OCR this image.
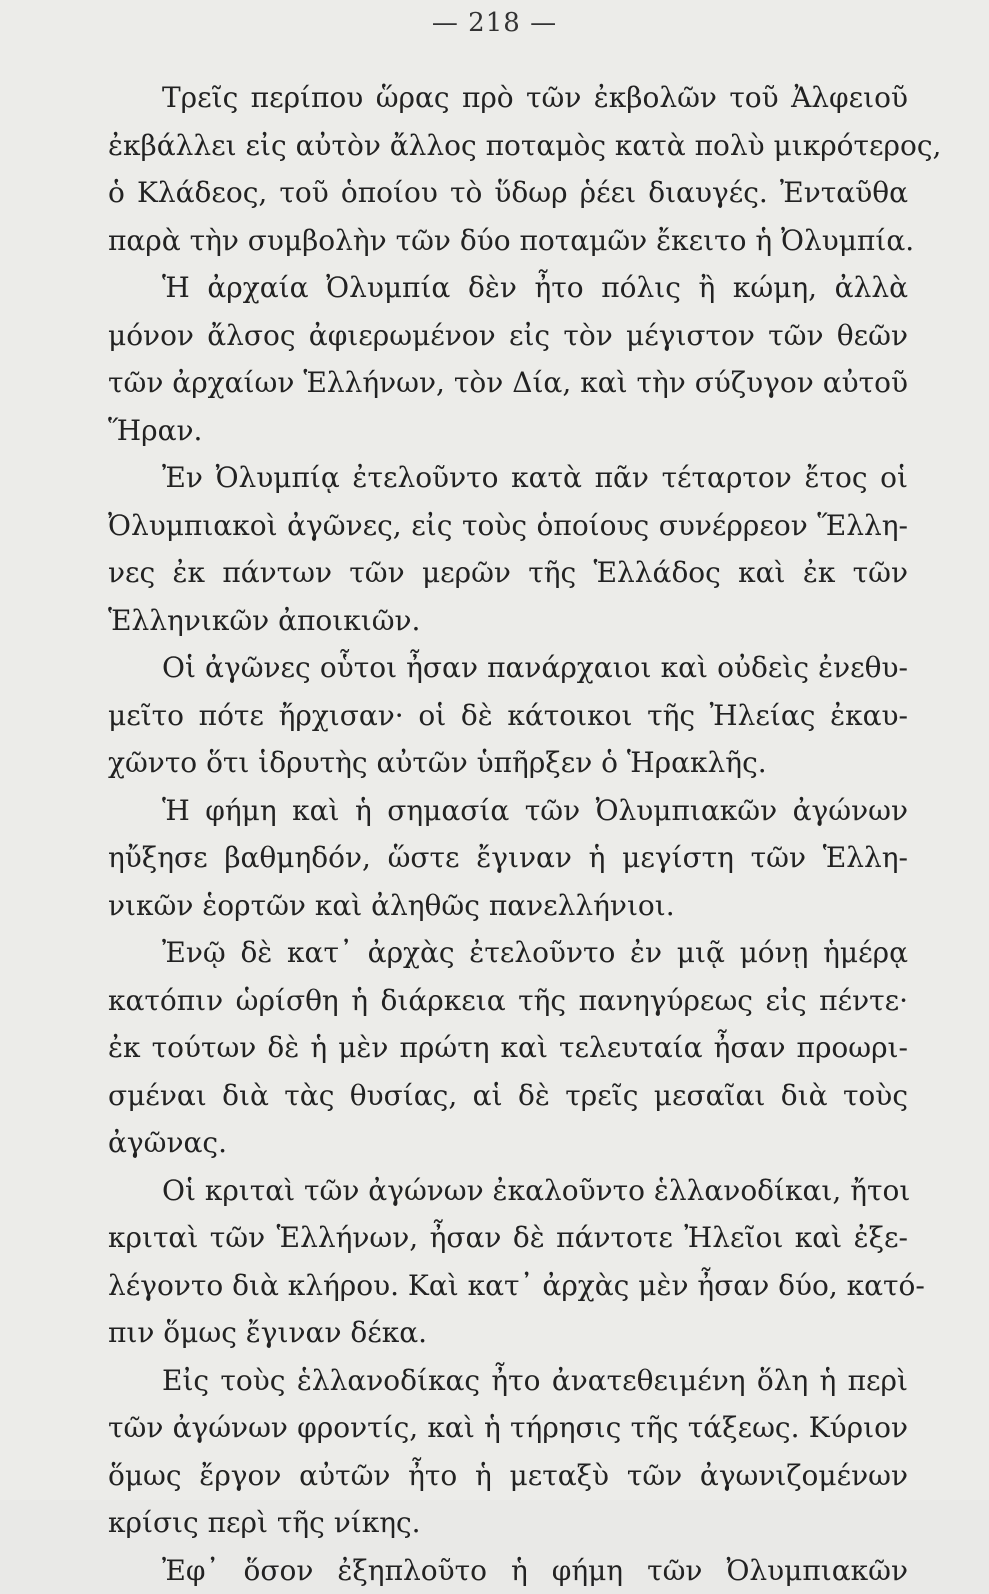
— 218 —
Τρεῖς περίπου ὥρας πρὸ τῶν ἐκβολῶν τοῦ Ἀλφειοῦ
ἐκβάλλει εἰς αὐτὸν ἄλλος ποταμὸς κατὰ πολὺ μικρότερος,
ὁ Κλάδεος, τοῦ ὁποίου τὸ ὕδωρ ῥέει διαυγές. Ἐνταῦθα
παρὰ τὴν συμβολὴν τῶν δύο ποταμῶν ἔκειτο ἡ Ὀλυμπία.
Ἡ ἀρχαία Ὀλυμπία δὲν ἦτο πόλις ἢ κώμη, ἀλλὰ
μόνον ἄλσος ἀφιερωμένον εἰς τὸν μέγιστον τῶν θεῶν
τῶν ἀρχαίων Ἑλλήνων, τὸν Δία, καὶ τὴν σύζυγον αὐτοῦ
Ἥραν.
Ἐν Ὀλυμπίᾳ ἐτελοῦντο κατὰ πᾶν τέταρτον ἔτος οἱ
Ὀλυμπιακοὶ ἀγῶνες, εἰς τοὺς ὁποίους συνέρρεον Ἕλλη-
νες ἐκ πάντων τῶν μερῶν τῆς Ἑλλάδος καὶ ἐκ τῶν
Ἑλληνικῶν ἀποικιῶν.
Οἱ ἀγῶνες οὗτοι ἦσαν πανάρχαιοι καὶ οὐδεὶς ἐνεθυ-
μεῖτο πότε ἤρχισαν· οἱ δὲ κάτοικοι τῆς Ἠλείας ἐκαυ-
χῶντο ὅτι ἱδρυτὴς αὐτῶν ὑπῆρξεν ὁ Ἡρακλῆς.
Ἡ φήμη καὶ ἡ σημασία τῶν Ὀλυμπιακῶν ἀγώνων
ηὔξησε βαθμηδόν, ὥστε ἔγιναν ἡ μεγίστη τῶν Ἑλλη-
νικῶν ἑορτῶν καὶ ἀληθῶς πανελλήνιοι.
Ἐνῷ δὲ κατ᾽ ἀρχὰς ἐτελοῦντο ἐν μιᾷ μόνῃ ἡμέρᾳ
κατόπιν ὡρίσθη ἡ διάρκεια τῆς πανηγύρεως εἰς πέντε·
ἐκ τούτων δὲ ἡ μὲν πρώτη καὶ τελευταία ἦσαν προωρι-
σμέναι διὰ τὰς θυσίας, αἱ δὲ τρεῖς μεσαῖαι διὰ τοὺς
ἀγῶνας.
Οἱ κριταὶ τῶν ἀγώνων ἐκαλοῦντο ἑλλανοδίκαι, ἤτοι
κριταὶ τῶν Ἑλλήνων, ἦσαν δὲ πάντοτε Ἠλεῖοι καὶ ἐξε-
λέγοντο διὰ κλήρου. Καὶ κατ᾽ ἀρχὰς μὲν ἦσαν δύο, κατό-
πιν ὅμως ἔγιναν δέκα.
Εἰς τοὺς ἑλλανοδίκας ἦτο ἀνατεθειμένη ὅλη ἡ περὶ
τῶν ἀγώνων φροντίς, καὶ ἡ τήρησις τῆς τάξεως. Κύριον
ὅμως ἔργον αὐτῶν ἦτο ἡ μεταξὺ τῶν ἀγωνιζομένων
κρίσις περὶ τῆς νίκης.
Ἐφ᾽ ὅσον ἐξηπλοῦτο ἡ φήμη τῶν Ὀλυμπιακῶν
